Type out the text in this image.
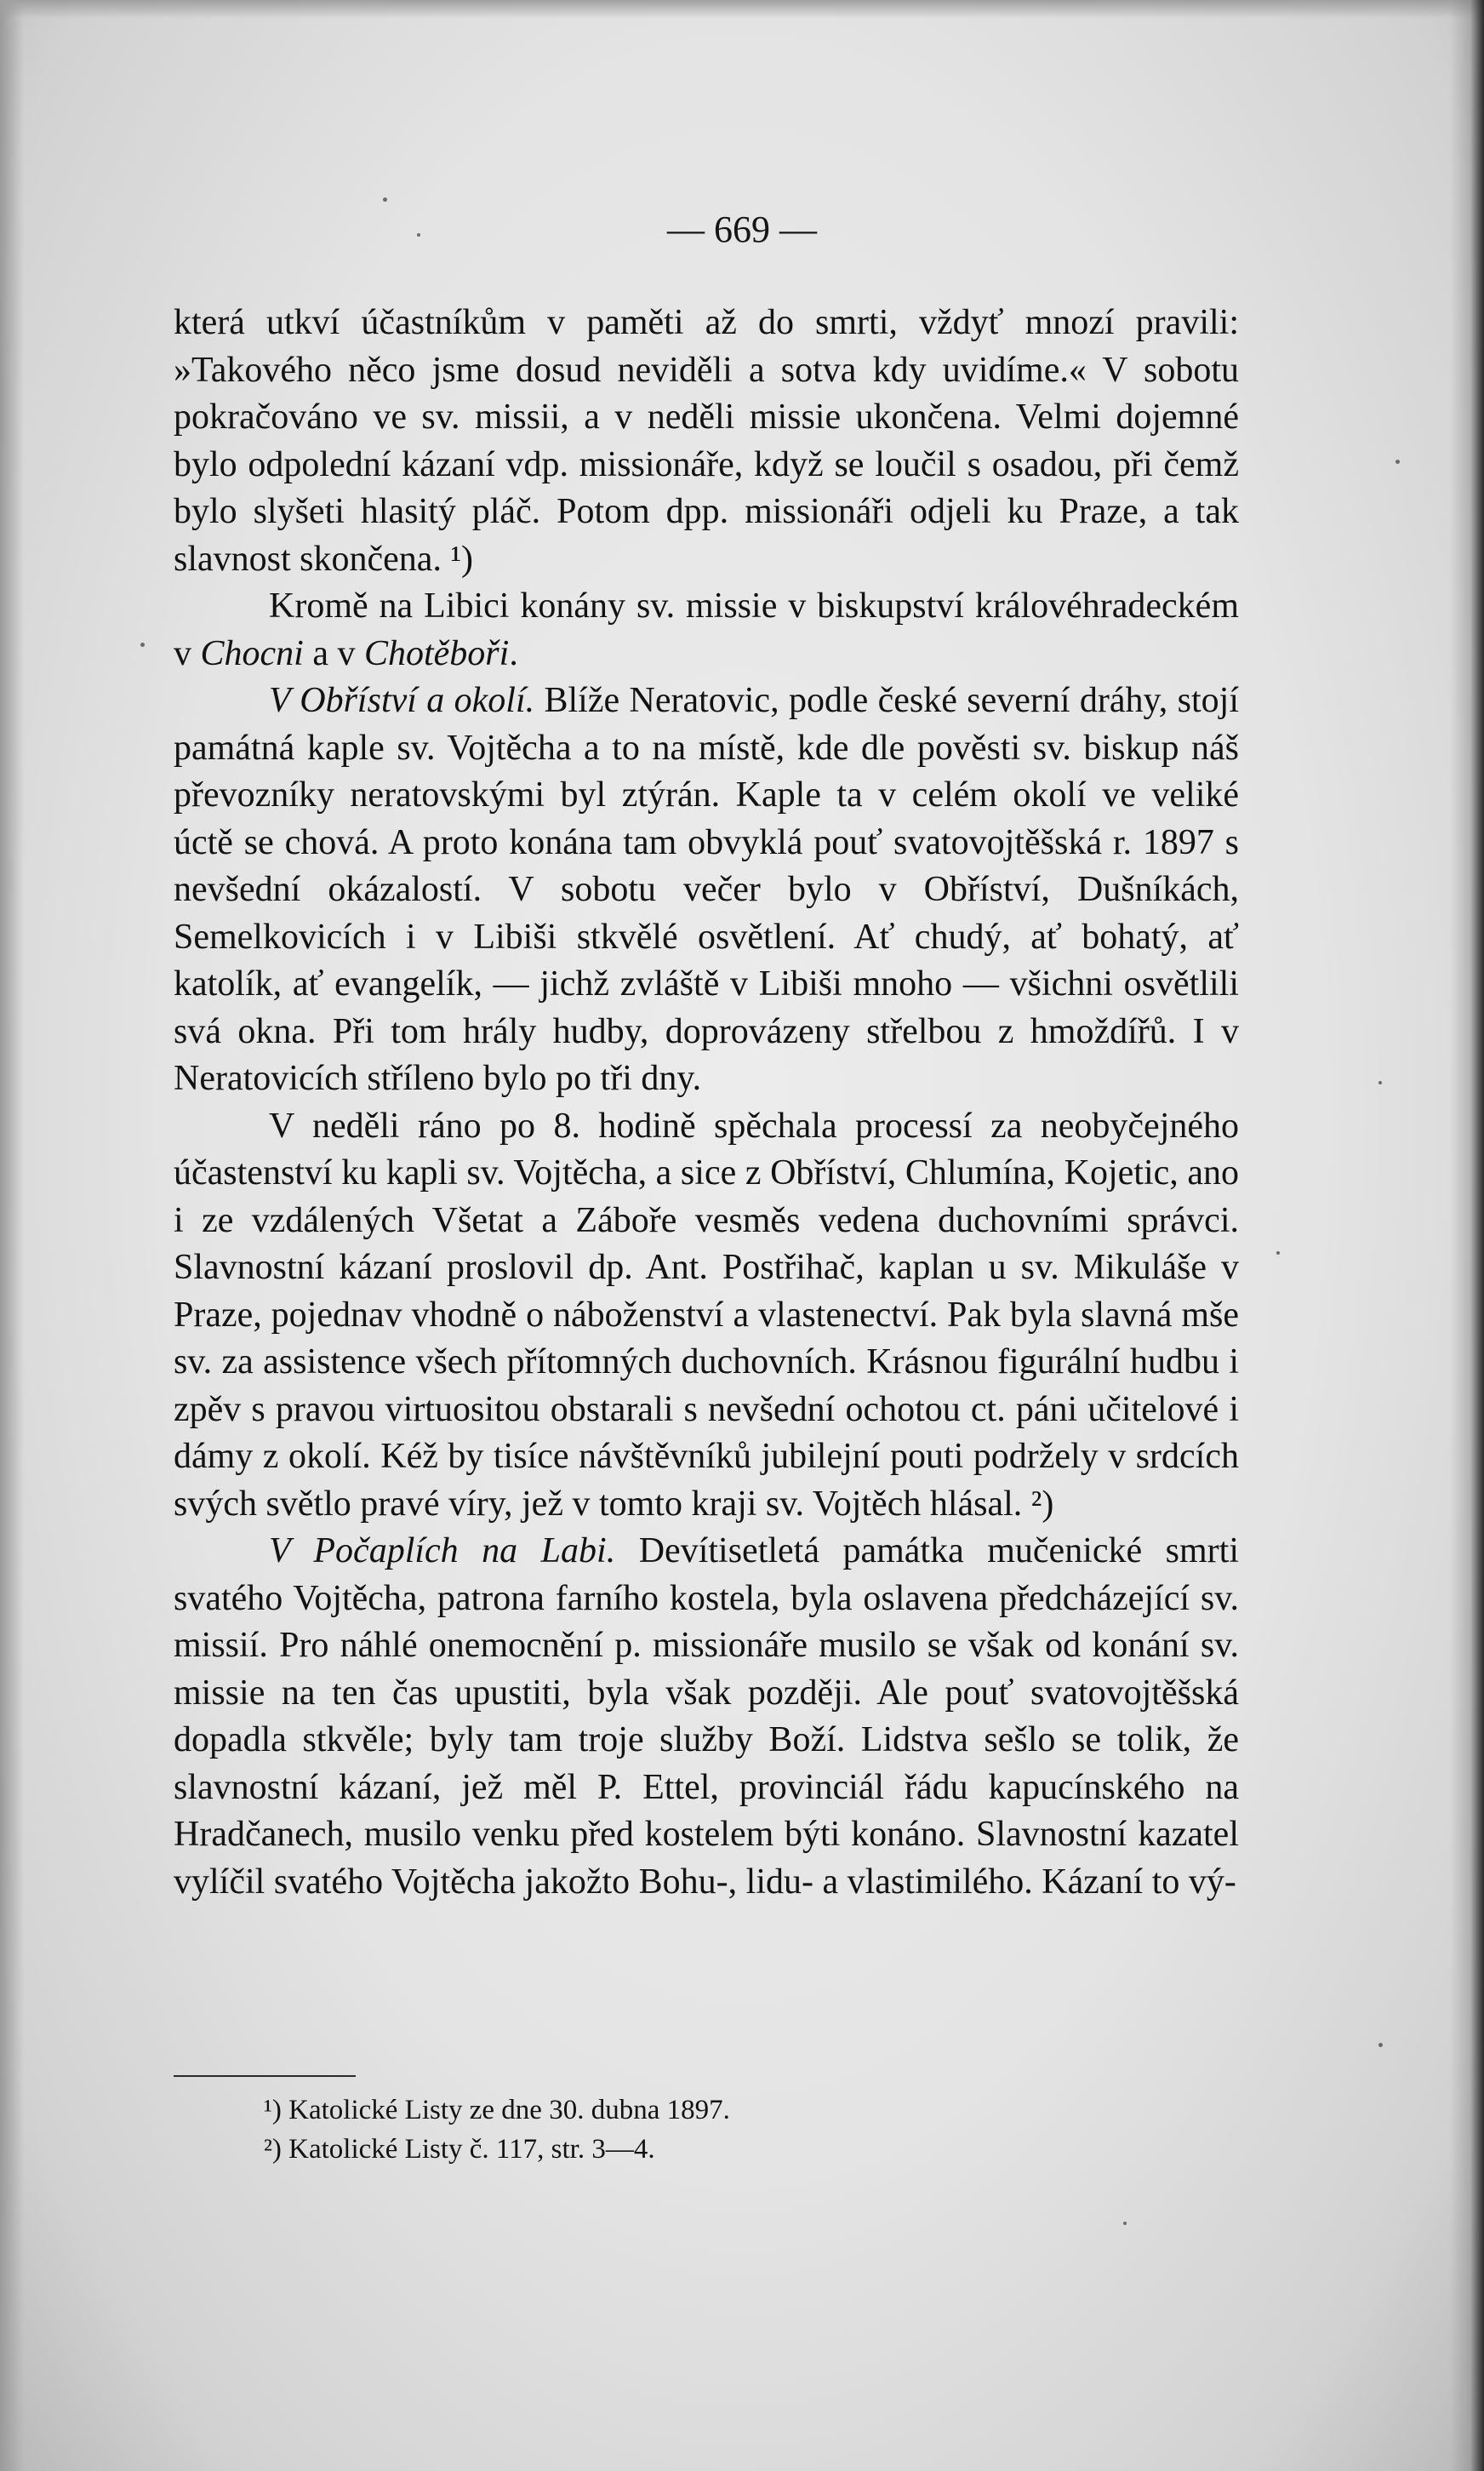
— 669 —

která utkví účastníkům v paměti až do smrti, vždyť mnozí pravili: »Takového něco jsme dosud neviděli a sotva kdy uvidíme.« V sobotu pokračováno ve sv. missii, a v neděli missie ukončena. Velmi dojemné bylo odpolední kázaní vdp. missionáře, když se loučil s osadou, při čemž bylo slyšeti hlasitý pláč. Potom dpp. missionáři odjeli ku Praze, a tak slavnost skončena. ¹)

Kromě na Libici konány sv. missie v biskupství královéhradeckém v Chocni a v Chotěboři.

V Obříství a okolí. Blíže Neratovic, podle české severní dráhy, stojí památná kaple sv. Vojtěcha a to na místě, kde dle pověsti sv. biskup náš převozníky neratovskými byl ztýrán. Kaple ta v celém okolí ve veliké úctě se chová. A proto konána tam obvyklá pouť svatovojtěšská r. 1897 s nevšední okázalostí. V sobotu večer bylo v Obříství, Dušníkách, Semelkovicích i v Libiši stkvělé osvětlení. Ať chudý, ať bohatý, ať katolík, ať evangelík, — jichž zvláště v Libiši mnoho — všichni osvětlili svá okna. Při tom hrály hudby, doprovázeny střelbou z hmoždířů. I v Neratovicích stříleno bylo po tři dny.

V neděli ráno po 8. hodině spěchala processí za neobyčejného účastenství ku kapli sv. Vojtěcha, a sice z Obříství, Chlumína, Kojetic, ano i ze vzdálených Všetat a Záboře vesměs vedena duchovními správci. Slavnostní kázaní proslovil dp. Ant. Postřihač, kaplan u sv. Mikuláše v Praze, pojednav vhodně o náboženství a vlastenectví. Pak byla slavná mše sv. za assistence všech přítomných duchovních. Krásnou figurální hudbu i zpěv s pravou virtuositou obstarali s nevšední ochotou ct. páni učitelové i dámy z okolí. Kéž by tisíce návštěvníků jubilejní pouti podržely v srdcích svých světlo pravé víry, jež v tomto kraji sv. Vojtěch hlásal. ²)

V Počaplích na Labi. Devítisetletá památka mučenické smrti svatého Vojtěcha, patrona farního kostela, byla oslavena předcházející sv. missií. Pro náhlé onemocnění p. missionáře musilo se však od konání sv. missie na ten čas upustiti, byla však později. Ale pouť svatovojtěšská dopadla stkvěle; byly tam troje služby Boží. Lidstva sešlo se tolik, že slavnostní kázaní, jež měl P. Ettel, provinciál řádu kapucínského na Hradčanech, musilo venku před kostelem býti konáno. Slavnostní kazatel vylíčil svatého Vojtěcha jakožto Bohu-, lidu- a vlastimilého. Kázaní to vý-

¹) Katolické Listy ze dne 30. dubna 1897.

²) Katolické Listy č. 117, str. 3—4.
